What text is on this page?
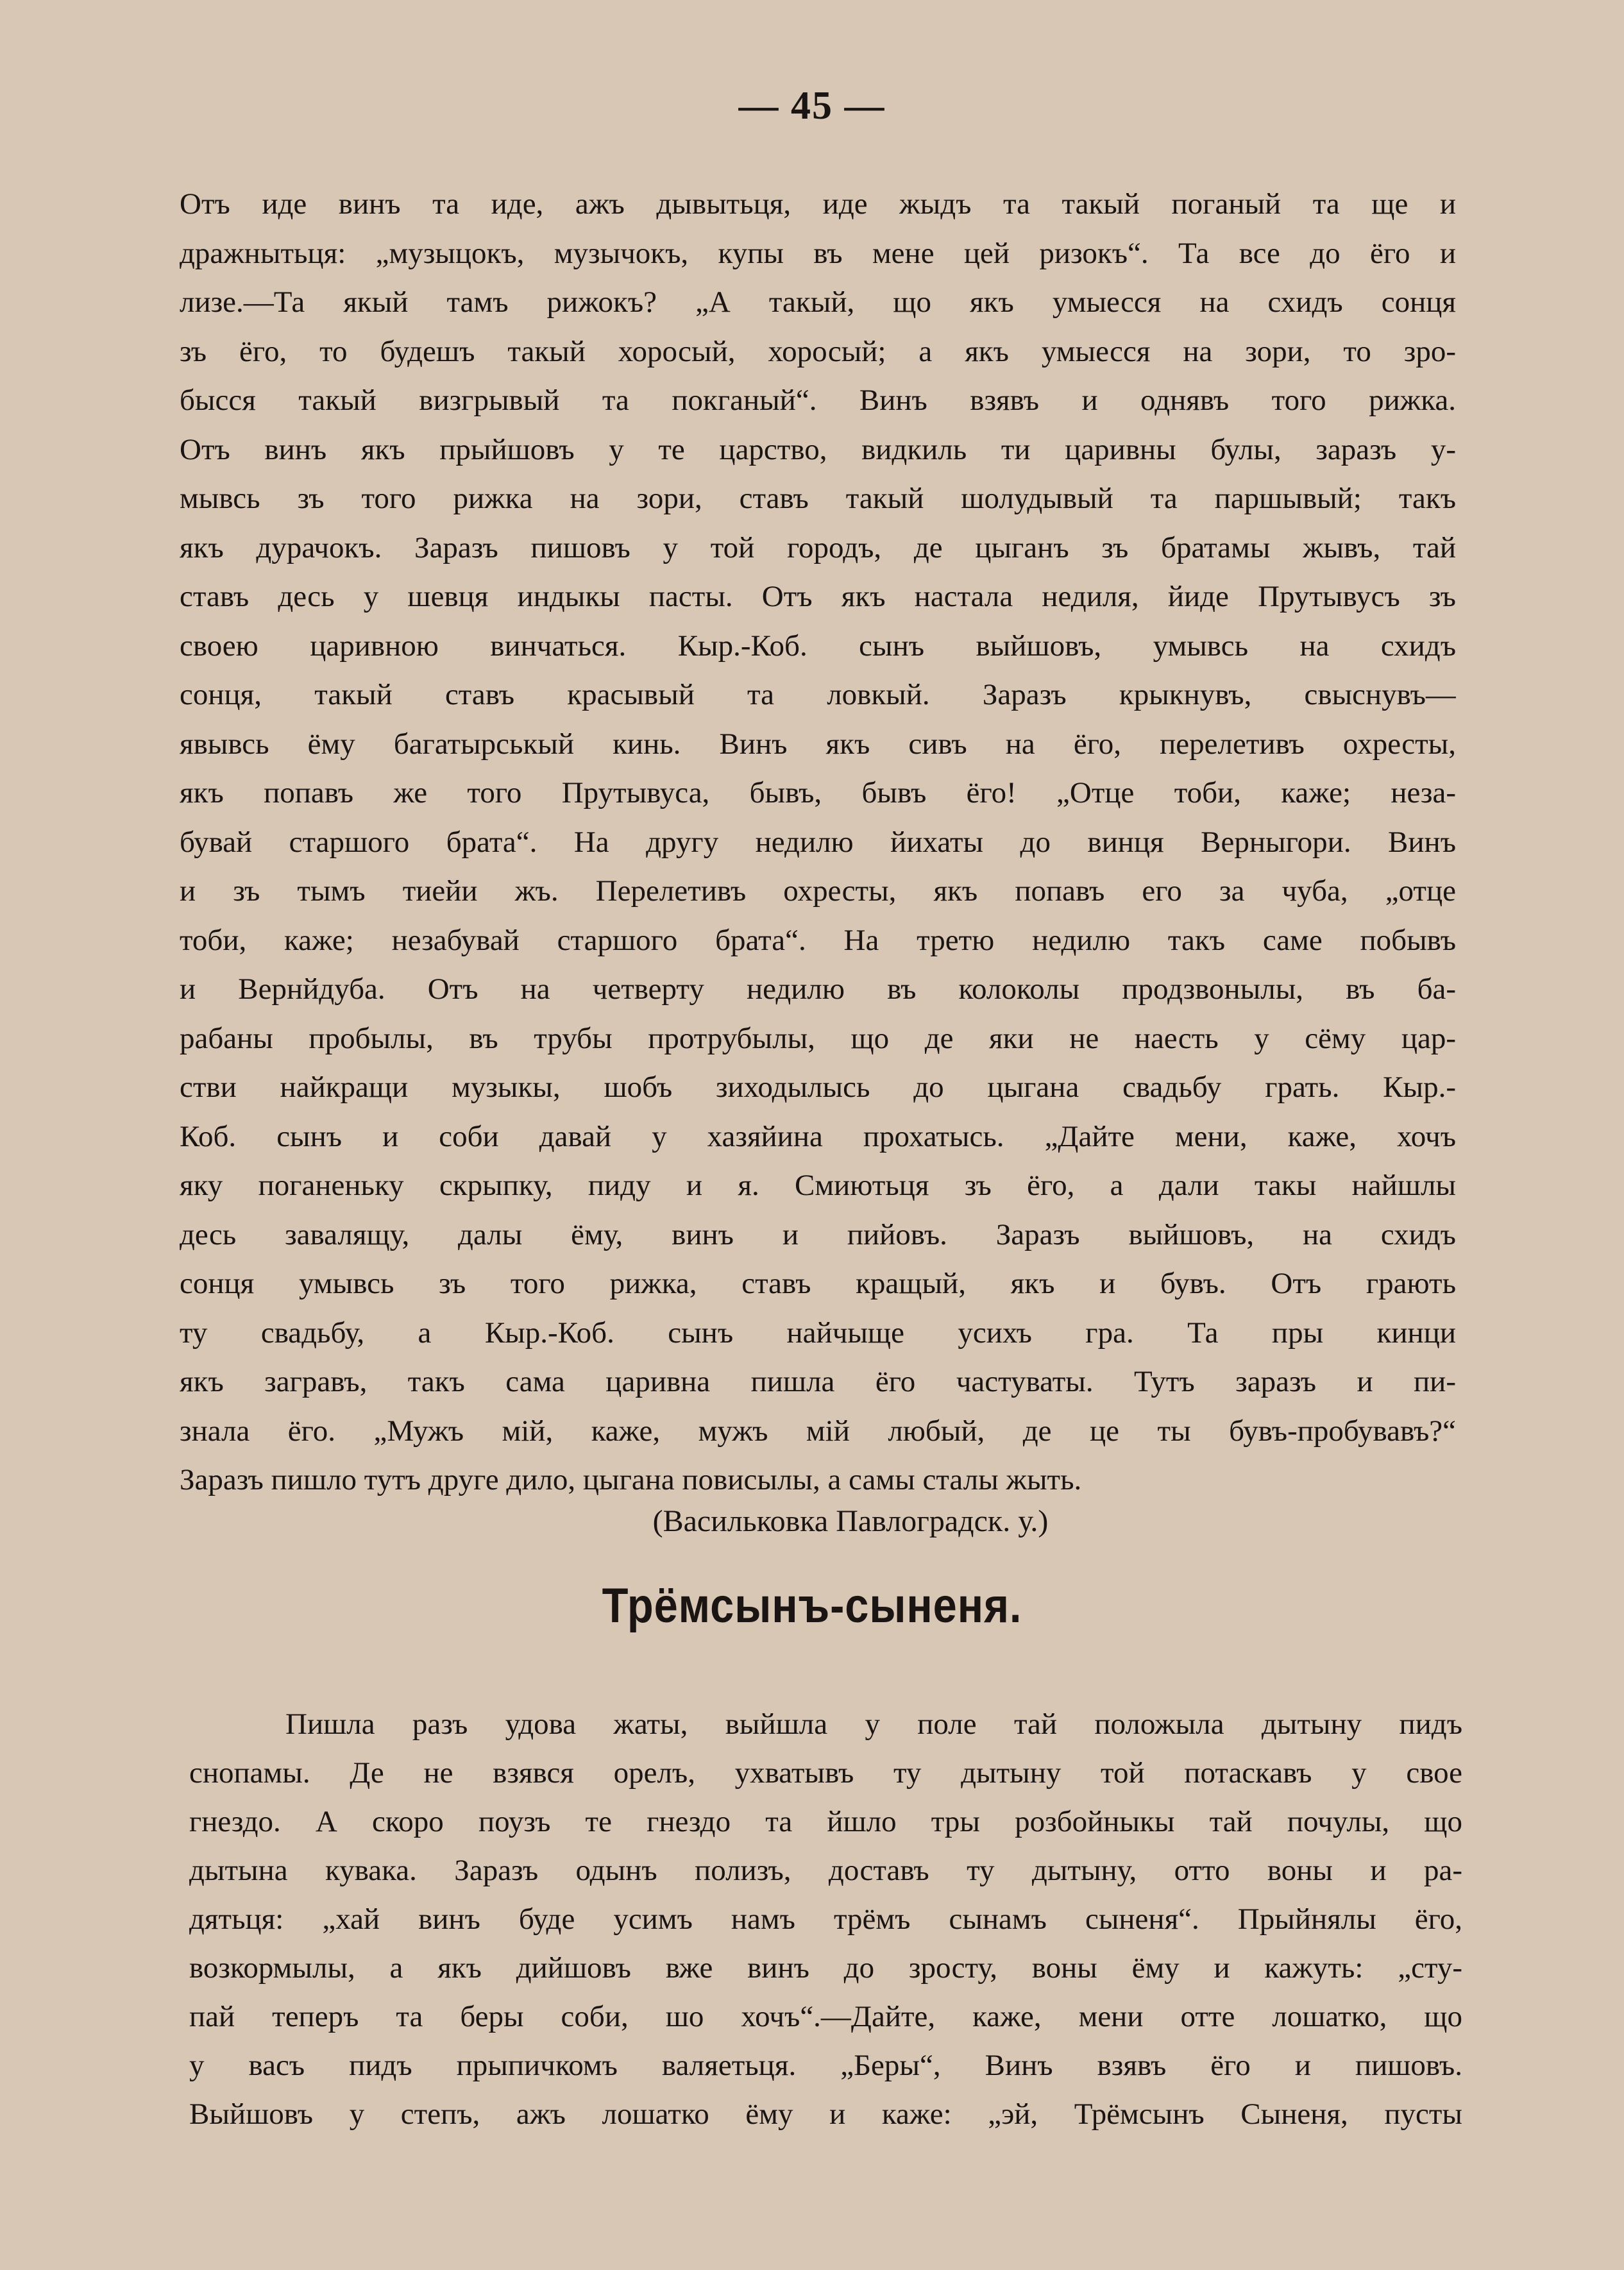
— 45 —
Отъ иде винъ та иде, ажъ дывытьця, иде жыдъ та такый поганый та ще и
дражнытьця: „музыцокъ, музычокъ, купы въ мене цей ризокъ“. Та все до ёго и
лизе.—Та якый тамъ рижокъ? „А такый, що якъ умыесся на схидъ сонця
зъ ёго, то будешъ такый хоросый, хоросый; а якъ умыесся на зори, то зро-
бысся такый визгрывый та покганый“. Винъ взявъ и однявъ того рижка.
Отъ винъ якъ прыйшовъ у те царство, видкиль ти царивны булы, заразъ у-
мывсь зъ того рижка на зори, ставъ такый шолудывый та паршывый; такъ
якъ дурачокъ. Заразъ пишовъ у той городъ, де цыганъ зъ братамы жывъ, тай
ставъ десь у шевця индыкы пасты. Отъ якъ настала недиля, йиде Прутывусъ зъ
своею царивною винчаться. Кыр.-Коб. сынъ выйшовъ, умывсь на схидъ
сонця, такый ставъ красывый та ловкый. Заразъ крыкнувъ, свыснувъ—
явывсь ёму багатырськый кинь. Винъ якъ сивъ на ёго, перелетивъ охресты,
якъ попавъ же того Прутывуса, бывъ, бывъ ёго! „Отце тоби, каже; неза-
бувай старшого брата“. На другу недилю йихаты до винця Верныгори. Винъ
и зъ тымъ тиейи жъ. Перелетивъ охресты, якъ попавъ его за чуба, „отце
тоби, каже; незабувай старшого брата“. На третю недилю такъ саме побывъ
и Вернйдуба. Отъ на четверту недилю въ колоколы продзвонылы, въ ба-
рабаны пробылы, въ трубы протрубылы, що де яки не наесть у сёму цар-
стви найкращи музыкы, шобъ зиходылысь до цыгана свадьбу грать. Кыр.-
Коб. сынъ и соби давай у хазяйина прохатысь. „Дайте мени, каже, хочъ
яку поганеньку скрыпку, пиду и я. Смиютьця зъ ёго, а дали такы найшлы
десь завалящу, далы ёму, винъ и пийовъ. Заразъ выйшовъ, на схидъ
сонця умывсь зъ того рижка, ставъ кращый, якъ и бувъ. Отъ грають
ту свадьбу, а Кыр.-Коб. сынъ найчыще усихъ гра. Та пры кинци
якъ загравъ, такъ сама царивна пишла ёго частуваты. Тутъ заразъ и пи-
знала ёго. „Мужъ мій, каже, мужъ мій любый, де це ты бувъ-пробувавъ?“
Заразъ пишло тутъ друге дило, цыгана повисылы, а самы сталы жыть.
(Васильковка Павлоградск. у.)
Трёмсынъ-сыненя.
Пишла разъ удова жаты, выйшла у поле тай положыла дытыну пидъ
снопамы. Де не взявся орелъ, ухватывъ ту дытыну той потаскавъ у свое
гнездо. А скоро поузъ те гнездо та йшло тры розбойныкы тай почулы, що
дытына кувака. Заразъ одынъ полизъ, доставъ ту дытыну, отто воны и ра-
дятьця: „хай винъ буде усимъ намъ трёмъ сынамъ сыненя“. Прыйнялы ёго,
возкормылы, а якъ дийшовъ вже винъ до зросту, воны ёму и кажуть: „сту-
пай теперъ та беры соби, шо хочъ“.—Дайте, каже, мени отте лошатко, що
у васъ пидъ прыпичкомъ валяетьця. „Беры“, Винъ взявъ ёго и пишовъ.
Выйшовъ у степъ, ажъ лошатко ёму и каже: „эй, Трёмсынъ Сыненя, пусты
